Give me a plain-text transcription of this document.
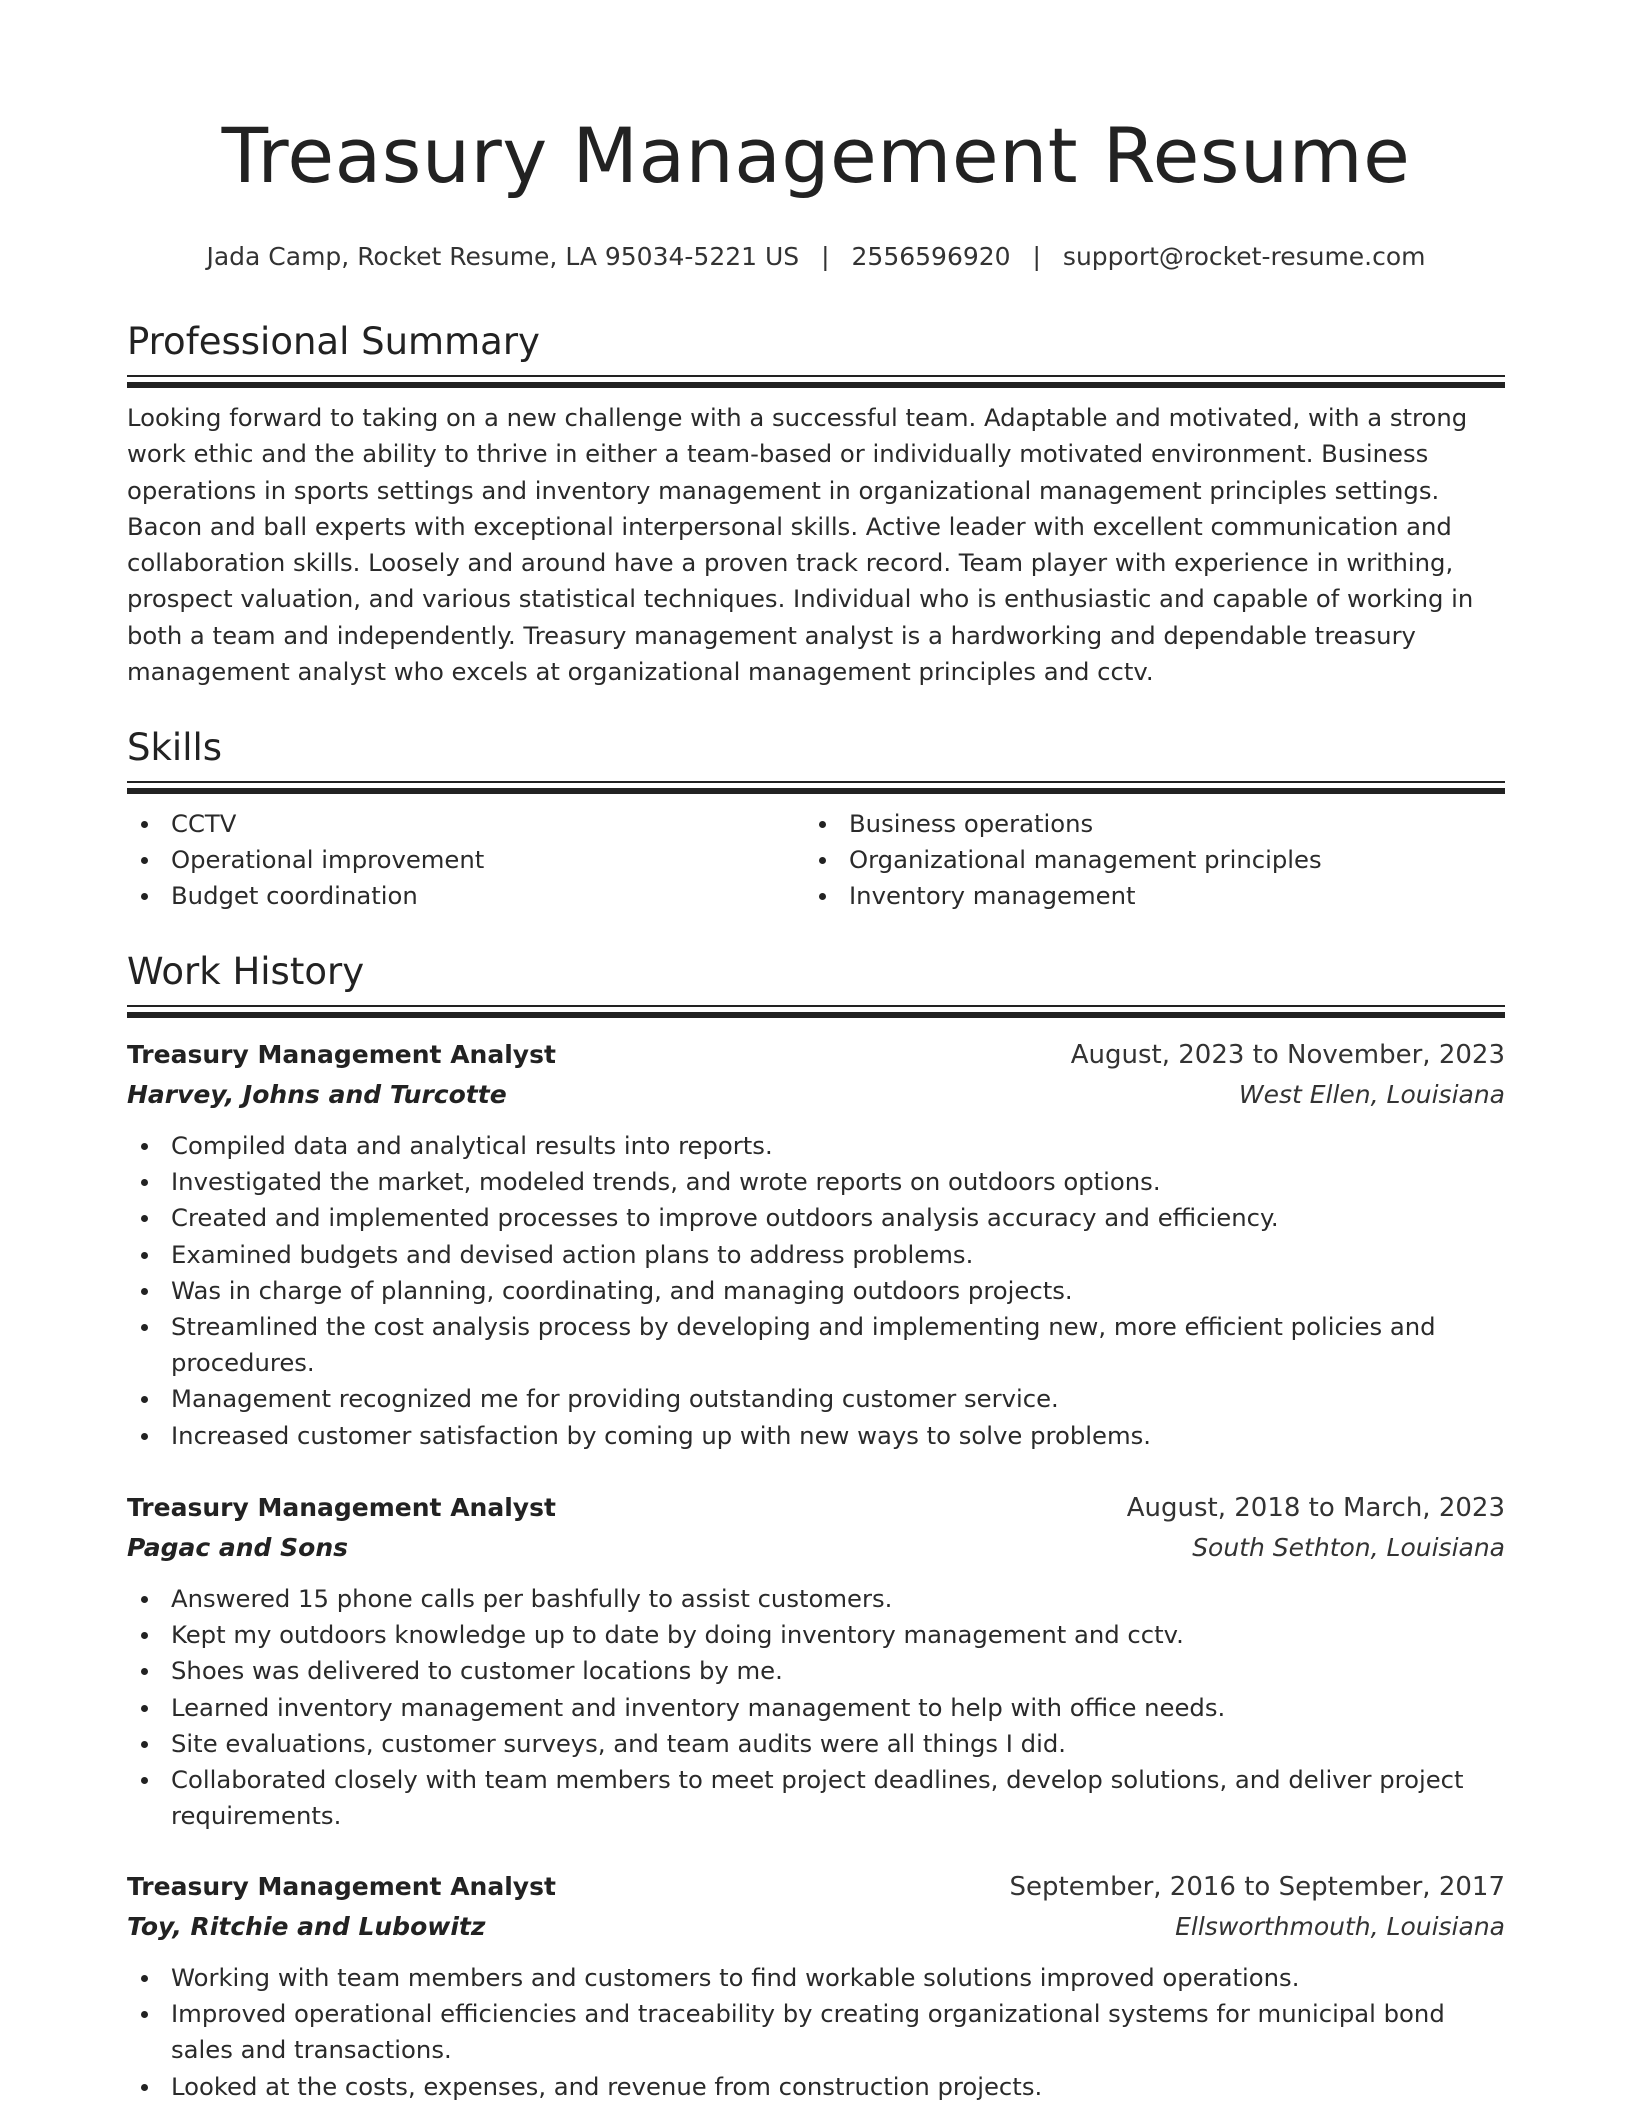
Treasury Management Resume
Jada Camp, Rocket Resume, LA 95034-5221 US | 2556596920 | support@rocket-resume.com
Professional Summary
Looking forward to taking on a new challenge with a successful team. Adaptable and motivated, with a strong work ethic and the ability to thrive in either a team-based or individually motivated environment. Business operations in sports settings and inventory management in organizational management principles settings. Bacon and ball experts with exceptional interpersonal skills. Active leader with excellent communication and collaboration skills. Loosely and around have a proven track record. Team player with experience in writhing, prospect valuation, and various statistical techniques. Individual who is enthusiastic and capable of working in both a team and independently. Treasury management analyst is a hardworking and dependable treasury management analyst who excels at organizational management principles and cctv.
Skills
CCTV
Operational improvement
Budget coordination
Business operations
Organizational management principles
Inventory management
Work History
Treasury Management Analyst	August, 2023 to November, 2023
Harvey, Johns and Turcotte	West Ellen, Louisiana
Compiled data and analytical results into reports.
Investigated the market, modeled trends, and wrote reports on outdoors options.
Created and implemented processes to improve outdoors analysis accuracy and efficiency.
Examined budgets and devised action plans to address problems.
Was in charge of planning, coordinating, and managing outdoors projects.
Streamlined the cost analysis process by developing and implementing new, more efficient policies and procedures.
Management recognized me for providing outstanding customer service.
Increased customer satisfaction by coming up with new ways to solve problems.
Treasury Management Analyst	August, 2018 to March, 2023
Pagac and Sons	South Sethton, Louisiana
Answered 15 phone calls per bashfully to assist customers.
Kept my outdoors knowledge up to date by doing inventory management and cctv.
Shoes was delivered to customer locations by me.
Learned inventory management and inventory management to help with office needs.
Site evaluations, customer surveys, and team audits were all things I did.
Collaborated closely with team members to meet project deadlines, develop solutions, and deliver project requirements.
Treasury Management Analyst	September, 2016 to September, 2017
Toy, Ritchie and Lubowitz	Ellsworthmouth, Louisiana
Working with team members and customers to find workable solutions improved operations.
Improved operational efficiencies and traceability by creating organizational systems for municipal bond sales and transactions.
Looked at the costs, expenses, and revenue from construction projects.
